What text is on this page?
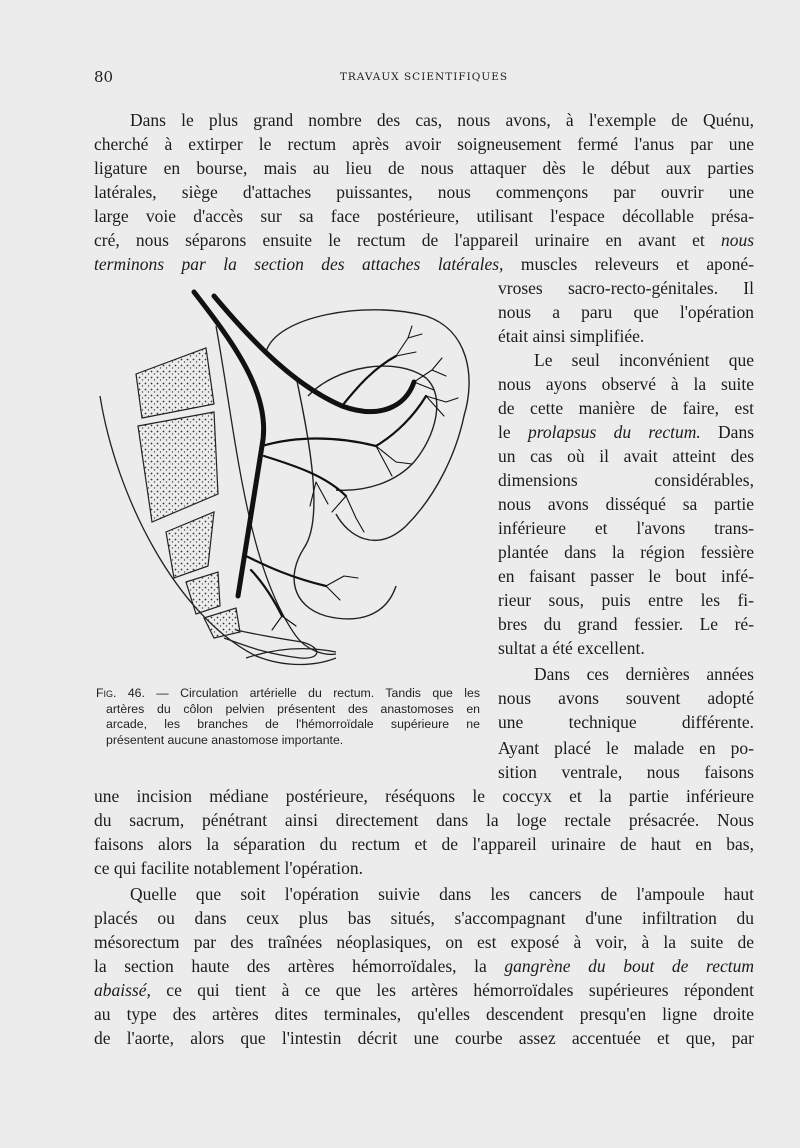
80	TRAVAUX SCIENTIFIQUES
Dans le plus grand nombre des cas, nous avons, à l'exemple de Quénu,
cherché à extirper le rectum après avoir soigneusement fermé l'anus par une
ligature en bourse, mais au lieu de nous attaquer dès le début aux parties
latérales, siège d'attaches puissantes, nous commençons par ouvrir une
large voie d'accès sur sa face postérieure, utilisant l'espace décollable présa-
cré, nous séparons ensuite le rectum de l'appareil urinaire en avant et nous
terminons par la section des attaches latérales, muscles releveurs et aponé-
vroses sacro-recto-génitales. Il
nous a paru que l'opération
était ainsi simplifiée.
Le seul inconvénient que
nous ayons observé à la suite
de cette manière de faire, est
le prolapsus du rectum. Dans
un cas où il avait atteint des
dimensions considérables,
nous avons disséqué sa partie
inférieure et l'avons trans-
plantée dans la région fessière
en faisant passer le bout infé-
rieur sous, puis entre les fi-
bres du grand fessier. Le ré-
sultat a été excellent.
Dans ces dernières années
nous avons souvent adopté
une technique différente.
Ayant placé le malade en po-
sition ventrale, nous faisons
une incision médiane postérieure, réséquons le coccyx et la partie inférieure
du sacrum, pénétrant ainsi directement dans la loge rectale présacrée. Nous
faisons alors la séparation du rectum et de l'appareil urinaire de haut en bas,
ce qui facilite notablement l'opération.
Quelle que soit l'opération suivie dans les cancers de l'ampoule haut
placés ou dans ceux plus bas situés, s'accompagnant d'une infiltration du
mésorectum par des traînées néoplasiques, on est exposé à voir, à la suite de
la section haute des artères hémorroïdales, la gangrène du bout de rectum
abaissé, ce qui tient à ce que les artères hémorroïdales supérieures répondent
au type des artères dites terminales, qu'elles descendent presqu'en ligne droite
de l'aorte, alors que l'intestin décrit une courbe assez accentuée et que, par
Fig. 46. — Circulation artérielle du rectum. Tandis que les
artères du côlon pelvien présentent des anastomoses en
arcade, les branches de l'hémorroïdale supérieure ne
présentent aucune anastomose importante.
